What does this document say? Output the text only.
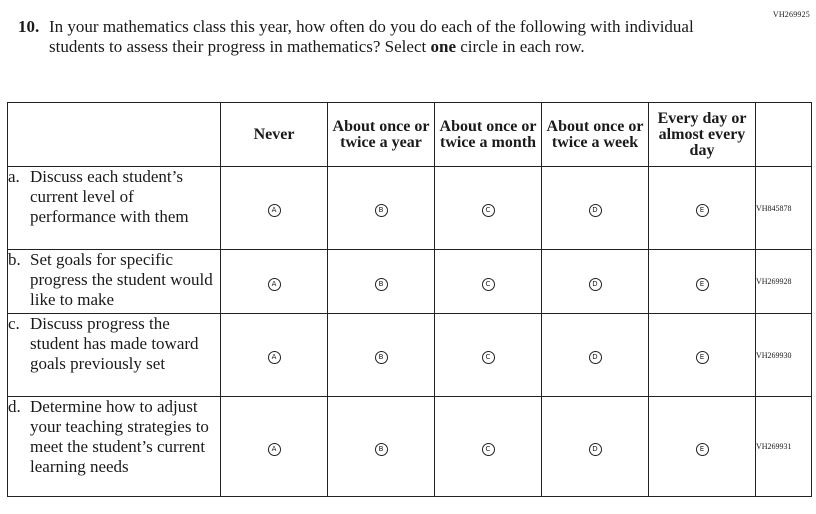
VH269925
10. In your mathematics class this year, how often do you do each of the following with individual students to assess their progress in mathematics? Select one circle in each row.
	Never	About once or twice a year	About once or twice a month	About once or twice a week	Every day or almost every day	

a. Discuss each student’s current level of performance with them	A	B	C	D	E	VH845878

b. Set goals for specific progress the student would like to make	A	B	C	D	E	VH269928

c. Discuss progress the student has made toward goals previously set	A	B	C	D	E	VH269930

d. Determine how to adjust your teaching strategies to meet the student’s current learning needs	A	B	C	D	E	VH269931
